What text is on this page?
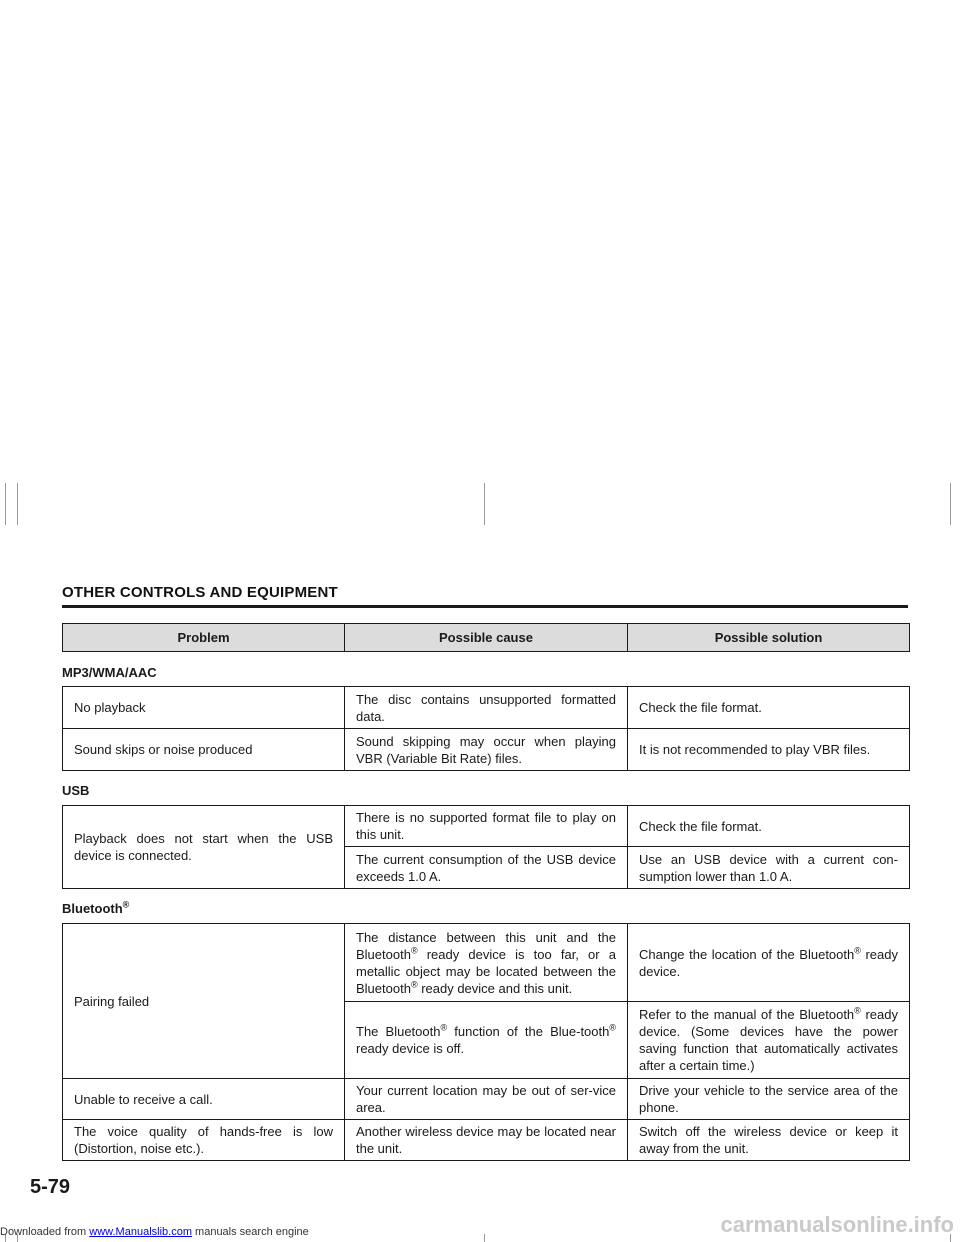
OTHER CONTROLS AND EQUIPMENT
Problem	Possible cause	Possible solution
MP3/WMA/AAC
No playback	The disc contains unsupported formatted data.	Check the file format.
Sound skips or noise produced	Sound skipping may occur when playing VBR (Variable Bit Rate) files.	It is not recommended to play VBR files.
USB
Playback does not start when the USB device is connected.	There is no supported format file to play on this unit.	Check the file format.
	The current consumption of the USB device exceeds 1.0 A.	Use an USB device with a current con-sumption lower than 1.0 A.
Bluetooth®
Pairing failed	The distance between this unit and the Bluetooth® ready device is too far, or a metallic object may be located between the Bluetooth® ready device and this unit.	Change the location of the Bluetooth® ready device.
	The Bluetooth® function of the Blue-tooth® ready device is off.	Refer to the manual of the Bluetooth® ready device. (Some devices have the power saving function that automatically activates after a certain time.)
Unable to receive a call.	Your current location may be out of ser-vice area.	Drive your vehicle to the service area of the phone.
The voice quality of hands-free is low (Distortion, noise etc.).	Another wireless device may be located near the unit.	Switch off the wireless device or keep it away from the unit.
5-79
Downloaded from www.Manualslib.com manuals search engine	carmanualsonline.info
